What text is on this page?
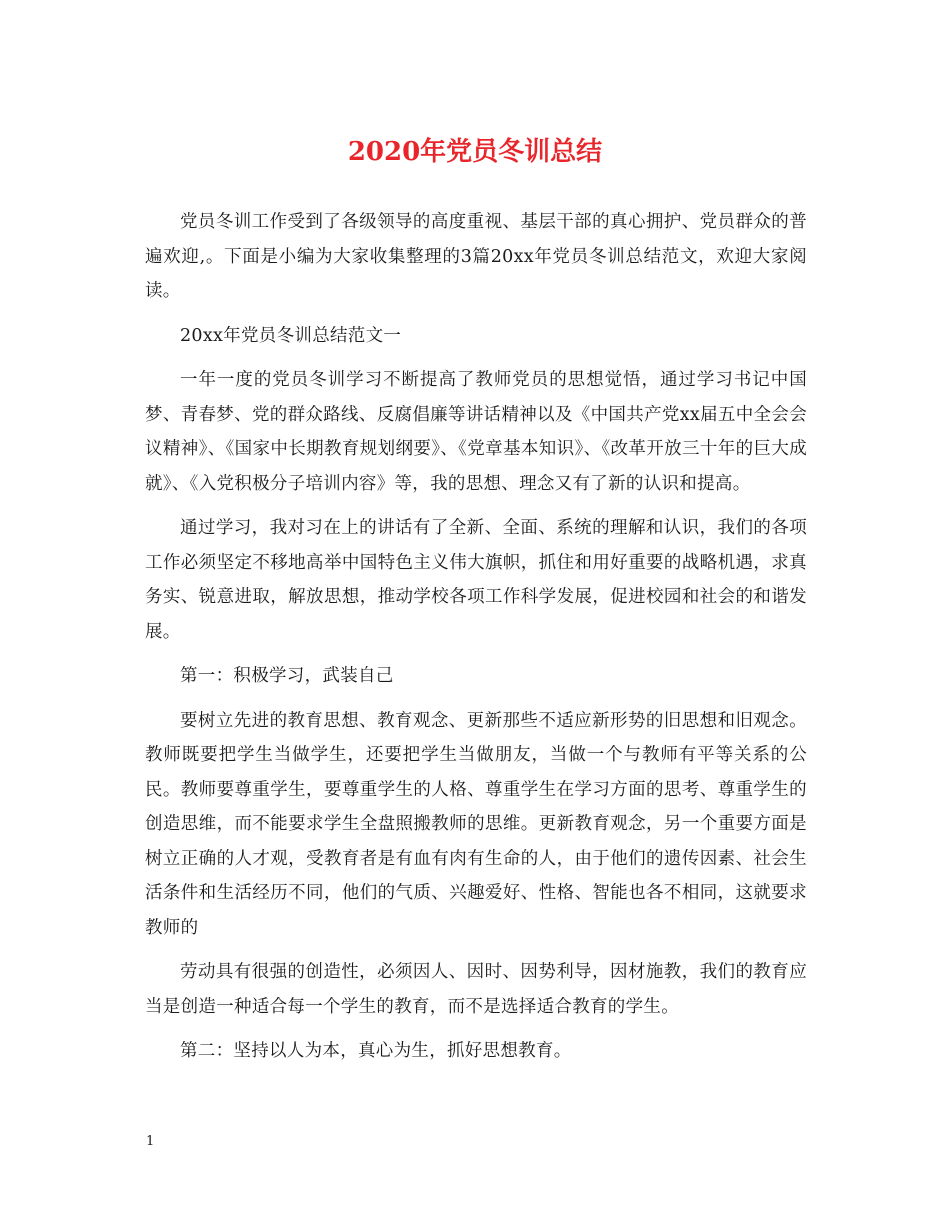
2020年党员冬训总结

党员冬训工作受到了各级领导的高度重视、基层干部的真心拥护、党员群众的普遍欢迎,。下面是小编为大家收集整理的3篇20xx年党员冬训总结范文，欢迎大家阅读。

20xx年党员冬训总结范文一

一年一度的党员冬训学习不断提高了教师党员的思想觉悟，通过学习书记中国梦、青春梦、党的群众路线、反腐倡廉等讲话精神以及《中国共产党xx届五中全会会议精神》、《国家中长期教育规划纲要》、《党章基本知识》、《改革开放三十年的巨大成就》、《入党积极分子培训内容》等，我的思想、理念又有了新的认识和提高。

通过学习，我对习在上的讲话有了全新、全面、系统的理解和认识，我们的各项工作必须坚定不移地高举中国特色主义伟大旗帜，抓住和用好重要的战略机遇，求真务实、锐意进取，解放思想，推动学校各项工作科学发展，促进校园和社会的和谐发展。

第一：积极学习，武装自己

要树立先进的教育思想、教育观念、更新那些不适应新形势的旧思想和旧观念。教师既要把学生当做学生，还要把学生当做朋友，当做一个与教师有平等关系的公民。教师要尊重学生，要尊重学生的人格、尊重学生在学习方面的思考、尊重学生的创造思维，而不能要求学生全盘照搬教师的思维。更新教育观念，另一个重要方面是树立正确的人才观，受教育者是有血有肉有生命的人，由于他们的遗传因素、社会生活条件和生活经历不同，他们的气质、兴趣爱好、性格、智能也各不相同，这就要求教师的

劳动具有很强的创造性，必须因人、因时、因势利导，因材施教，我们的教育应当是创造一种适合每一个学生的教育，而不是选择适合教育的学生。

第二：坚持以人为本，真心为生，抓好思想教育。

1
